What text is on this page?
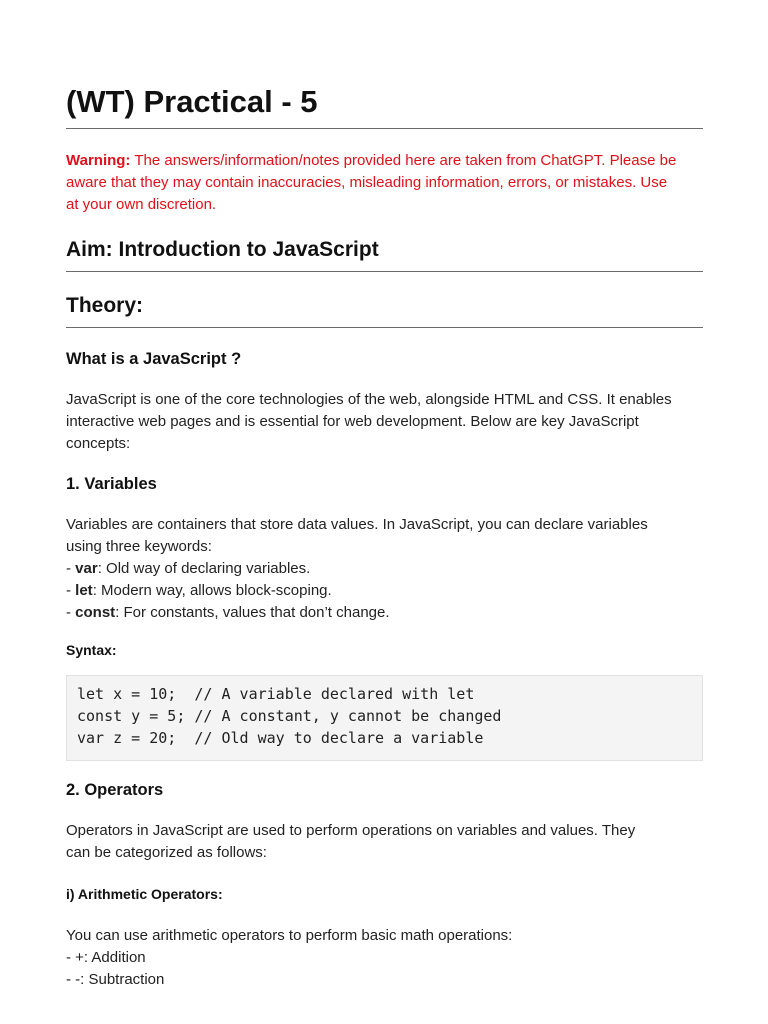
(WT) Practical - 5
Warning: The answers/information/notes provided here are taken from ChatGPT. Please be
aware that they may contain inaccuracies, misleading information, errors, or mistakes. Use
at your own discretion.
Aim: Introduction to JavaScript
Theory:
What is a JavaScript ?
JavaScript is one of the core technologies of the web, alongside HTML and CSS. It enables
interactive web pages and is essential for web development. Below are key JavaScript
concepts:
1. Variables
Variables are containers that store data values. In JavaScript, you can declare variables
using three keywords:
- var: Old way of declaring variables.
- let: Modern way, allows block-scoping.
- const: For constants, values that don’t change.
Syntax:
let x = 10;  // A variable declared with let
const y = 5; // A constant, y cannot be changed
var z = 20;  // Old way to declare a variable
2. Operators
Operators in JavaScript are used to perform operations on variables and values. They
can be categorized as follows:
i) Arithmetic Operators:
You can use arithmetic operators to perform basic math operations:
- +: Addition
- -: Subtraction
